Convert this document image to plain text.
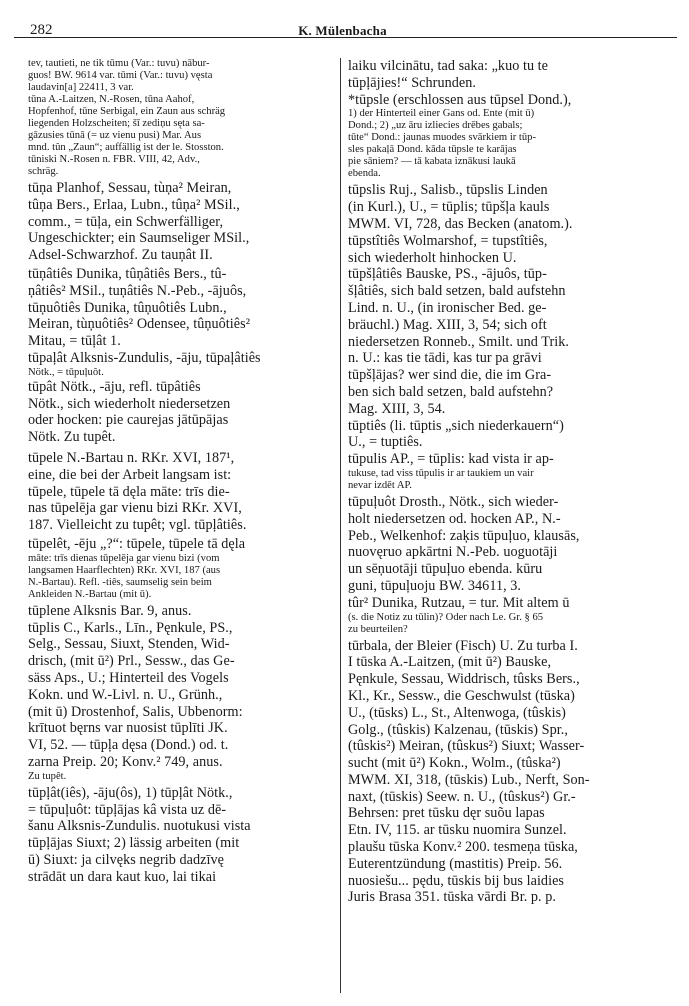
282	K. Mülenbacha
tev, tautieti, ne tik tūmu (Var.: tuvu) nābur-
guos! BW. 9614 var. tūmi (Var.: tuvu) vęsta
laudavin[a] 22411, 3 var.
tūna A.-Laitzen, N.-Rosen, tūna Aahof,
Hopfenhof, tūne Serbigal, ein Zaun aus schräg
liegenden Holzscheiten; šī zediņu sęta sa-
gāzusies tūnā (= uz vienu pusi) Mar. Aus
mnd. tûn „Zaun“; auffällig ist der le. Stosston.
tūniski N.-Rosen n. FBR. VIII, 42, Adv.,
schräg.
tūņa Planhof, Sessau, tùņa² Meiran,
tûņa Bers., Erlaa, Lubn., tûņa² MSil.,
comm., = tūļa, ein Schwerfälliger,
Ungeschickter; ein Saumseliger MSil.,
Adsel-Schwarzhof. Zu tauņât II.
tūņâtiês Dunika, tûņâtiês Bers., tû-
ņâtiês² MSil., tuņâtiês N.-Peb., -ājuôs,
tūņuôtiês Dunika, tûņuôtiês Lubn.,
Meiran, tùņuôtiês² Odensee, tûņuôtiês²
Mitau, = tūļât 1.
tūpaļât Alksnis-Zundulis, -āju, tūpaļâtiês
Nötk., = tūpuļuôt.
tūpât Nötk., -āju, refl. tūpâtiês
Nötk., sich wiederholt niedersetzen
oder hocken: pie caurejas jātūpājas
Nötk. Zu tupêt.
tūpele N.-Bartau n. RKr. XVI, 187¹,
eine, die bei der Arbeit langsam ist:
tūpele, tūpele tā dęla māte: trīs die-
nas tūpelēja gar vienu bizi RKr. XVI,
187. Vielleicht zu tupêt; vgl. tūpļâtiês.
tūpelêt, -ēju „?“: tūpele, tūpele tā dęla
māte: trīs dienas tūpelēja gar vienu bizi (vom
langsamen Haarflechten) RKr. XVI, 187 (aus
N.-Bartau). Refl. -tiês, saumselig sein beim
Ankleiden N.-Bartau (mit ū).
tūplene Alksnis Bar. 9, anus.
tūplis C., Karls., Līn., Pęnkule, PS.,
Selg., Sessau, Siuxt, Stenden, Wid-
drisch, (mit ū²) Prl., Sessw., das Ge-
säss Aps., U.; Hinterteil des Vogels
Kokn. und W.-Livl. n. U., Grünh.,
(mit ū) Drostenhof, Salis, Ubbenorm:
krītuot bęrns var nuosist tūplīti JK.
VI, 52. — tūpļa dęsa (Dond.) od. t.
zarna Preip. 20; Konv.² 749, anus.
Zu tupêt.
tūpļât(iês), -āju(ôs), 1) tūpļât Nötk.,
= tūpuļuôt: tūpļājas kâ vista uz dē-
šanu Alksnis-Zundulis. nuotukusi vista
tūpļājas Siuxt; 2) lässig arbeiten (mit
ū) Siuxt: ja cilvęks negrib dadzīvę
strādāt un dara kaut kuo, lai tikai
laiku vilcinātu, tad saka: „kuo tu te
tūpļājies!“ Schrunden.
*tūpsle (erschlossen aus tūpsel Dond.),
1) der Hinterteil einer Gans od. Ente (mit ū)
Dond.; 2) „uz āru izliecies drēbes gabals;
tūte“ Dond.: jaunas muodes svārkiem ir tūp-
sles pakaļā Dond. kāda tūpsle te karājas
pie sāniem? — tā kabata iznākusi laukā
ebenda.
tūpslis Ruj., Salisb., tūpslis Linden
(in Kurl.), U., = tūplis; tūpšļa kauls
MWM. VI, 728, das Becken (anatom.).
tūpstîtiês Wolmarshof, = tupstîtiês,
sich wiederholt hinhocken U.
tūpšļâtiês Bauske, PS., -ājuôs, tūp-
šļâtiês, sich bald setzen, bald aufstehn
Lind. n. U., (in ironischer Bed. ge-
bräuchl.) Mag. XIII, 3, 54; sich oft
niedersetzen Ronneb., Smilt. und Trik.
n. U.: kas tie tādi, kas tur pa grāvi
tūpšļājas? wer sind die, die im Gra-
ben sich bald setzen, bald aufstehn?
Mag. XIII, 3, 54.
tūptiês (li. tūptis „sich niederkauern“)
U., = tuptiês.
tūpulis AP., = tūplis: kad vista ir ap-
tukuse, tad viss tūpulis ir ar taukiem un vair
nevar izdēt AP.
tūpuļuôt Drosth., Nötk., sich wieder-
holt niedersetzen od. hocken AP., N.-
Peb., Welkenhof: zaķis tūpuļuo, klausās,
nuovęruo apkārtni N.-Peb. uoguotāji
un sēņuotāji tūpuļuo ebenda. kūru
guni, tūpuļuoju BW. 34611, 3.
tûr² Dunika, Rutzau, = tur. Mit altem ū
(s. die Notiz zu tūlin)? Oder nach Le. Gr. § 65
zu beurteilen?
tūrbala, der Bleier (Fisch) U. Zu turba I.
I tūska A.-Laitzen, (mit ū²) Bauske,
Pęnkule, Sessau, Widdrisch, tûsks Bers.,
Kl., Kr., Sessw., die Geschwulst (tūska)
U., (tūsks) L., St., Altenwoga, (tûskis)
Golg., (tûskis) Kalzenau, (tūskis) Spr.,
(tûskis²) Meiran, (tûskus²) Siuxt; Wasser-
sucht (mit ū²) Kokn., Wolm., (tûska²)
MWM. XI, 318, (tūskis) Lub., Nerft, Son-
naxt, (tūskis) Seew. n. U., (tûskus²) Gr.-
Behrsen: pret tūsku dęr suõu lapas
Etn. IV, 115. ar tūsku nuomira Sunzel.
plaušu tūska Konv.² 200. tesmeņa tūska,
Euterentzündung (mastitis) Preip. 56.
nuosiešu... pędu, tūskis bij bus laidies
Juris Brasa 351. tūska vārdi Br. p. p.
